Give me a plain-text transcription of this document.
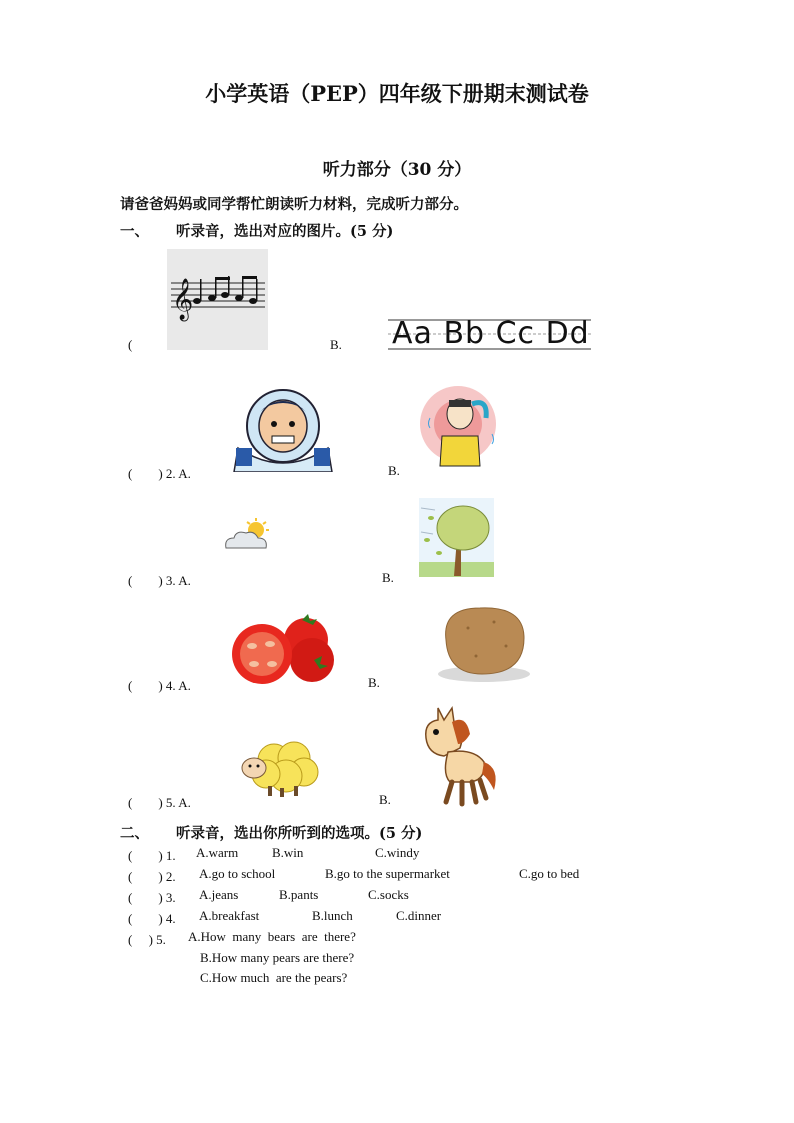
小学英语（PEP）四年级下册期末测试卷
听力部分（30 分）
请爸爸妈妈或同学帮忙朗读听力材料，完成听力部分。
一、 听录音，选出对应的图片。(5 分)
(
𝄞
B. Aa Bb Cc Dd
(　　) 2. A.	B.
(　　) 3. A.	B.
(　　) 4. A.	B.
(　　) 5. A.	B.
二、 听录音，选出你所听到的选项。(5 分)
(　　) 1. A.warm	B.win	C.windy
(　　) 2. A.go to school	B.go to the supermarket	C.go to bed
(　　) 3. A.jeans	B.pants	C.socks
(　　) 4. A.breakfast	B.lunch	C.dinner
(　 ) 5. A.How  many  bears  are  there?
B.How many pears are there?
C.How much  are the pears?
